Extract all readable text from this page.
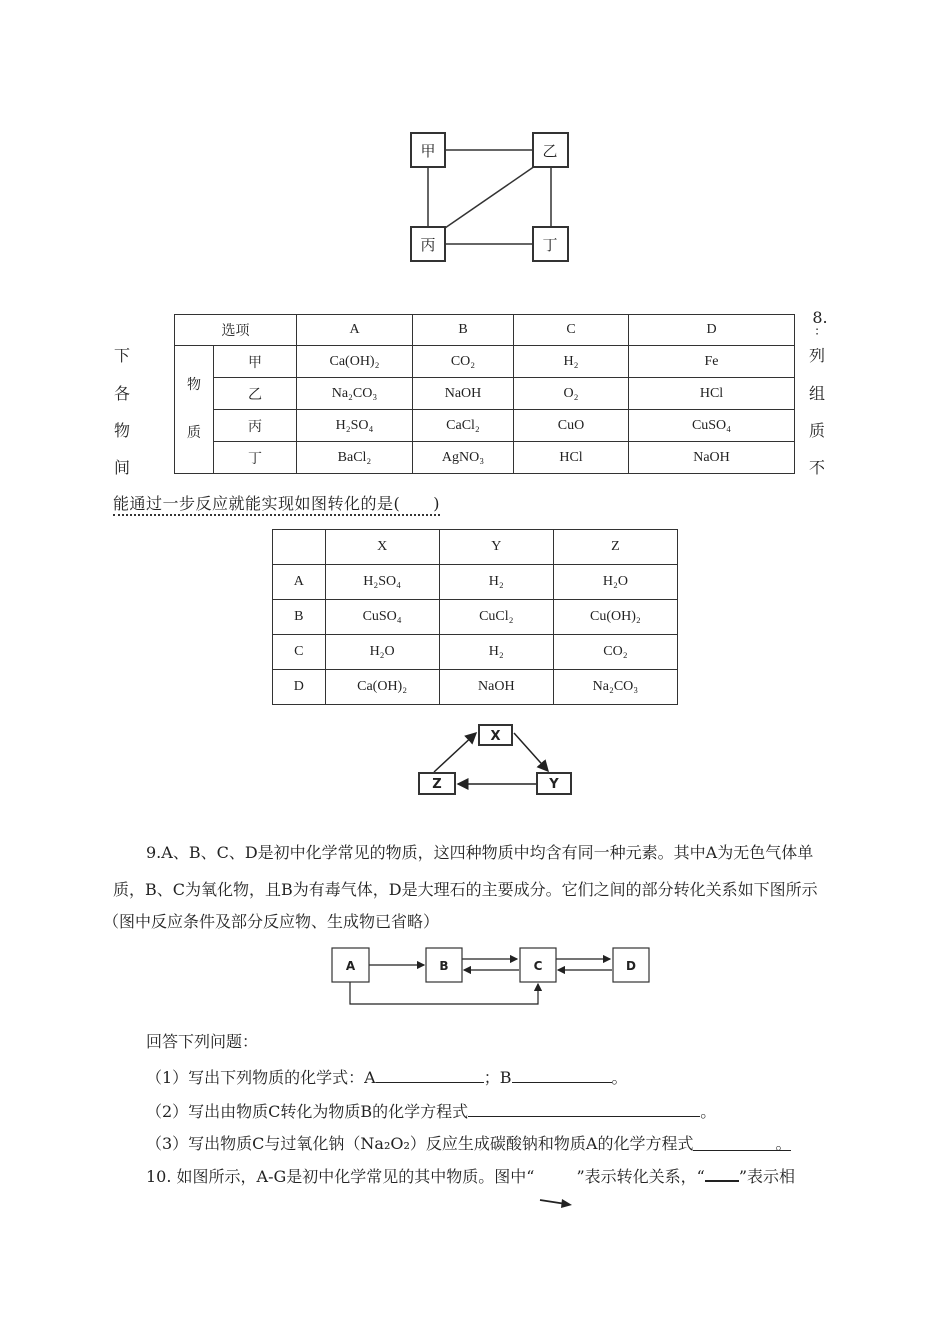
甲	乙
丙	丁
8.
∶
下
各
物
间
列
组
质
不
选项		A	B	C	D
物
质	甲	Ca(OH)₂	CO₂	H₂	Fe
	乙	Na₂CO₃	NaOH	O₂	HCl
	丙	H₂SO₄	CaCl₂	CuO	CuSO₄
	丁	BaCl₂	AgNO₃	HCl	NaOH
能通过一步反应就能实现如图转化的是(　　)
	X	Y	Z
A	H₂SO₄	H₂	H₂O
B	CuSO₄	CuCl₂	Cu(OH)₂
C	H₂O	H₂	CO₂
D	Ca(OH)₂	NaOH	Na₂CO₃
X
Y
Z
9.A、B、C、D是初中化学常见的物质，这四种物质中均含有同一种元素。其中A为无色气体单
质，B、C为氧化物，且B为有毒气体，D是大理石的主要成分。它们之间的部分转化关系如下图所示
（图中反应条件及部分反应物、生成物已省略）
A	B	C	D
回答下列问题：
（1）写出下列物质的化学式：A	；B	。
（2）写出由物质C转化为物质B的化学方程式	。
（3）写出物质C与过氧化钠（Na₂O₂）反应生成碳酸钠和物质A的化学方程式	。
10. 如图所示，A-G是初中化学常见的其中物质。图中“	”表示转化关系，“ ”表示相
